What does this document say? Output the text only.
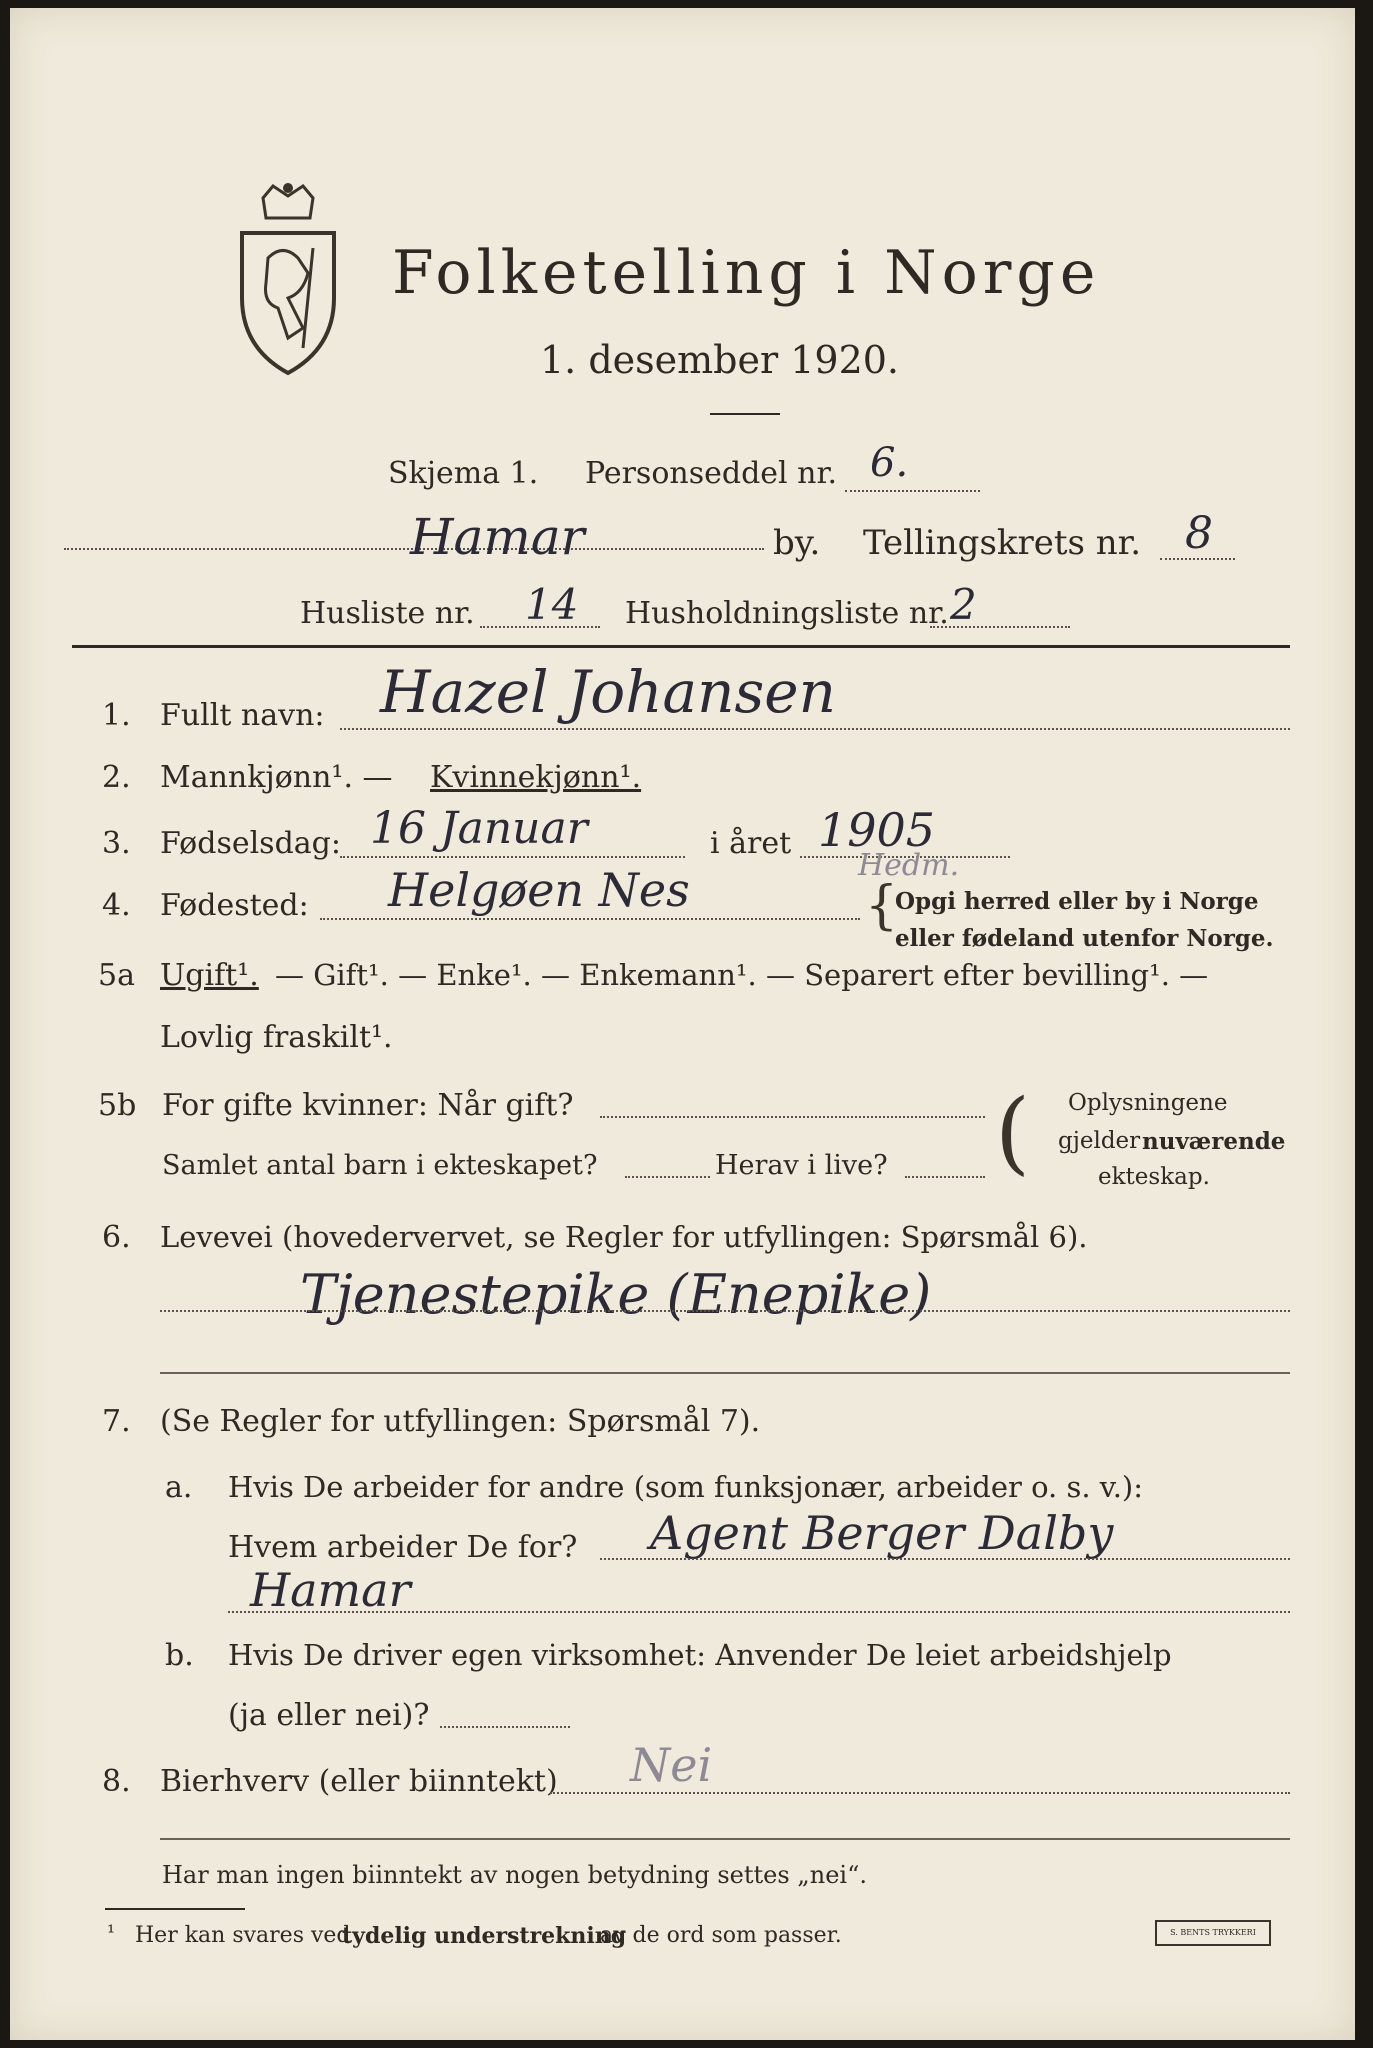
Folketelling i Norge
1. desember 1920.
Skjema 1. Personseddel nr. 6.
Hamar	by. Tellingskrets nr. 8
Husliste nr. 14 Husholdningsliste nr. 2
1. Fullt navn: Hazel Johansen
2. Mannkjønn¹. — Kvinnekjønn¹.
3. Fødselsdag: 16 Januar	i året 1905
4. Fødested: Helgøen Nes	Hedm.
{
Opgi herred eller by i Norge
eller fødeland utenfor Norge.
5a Ugift¹. — Gift¹. — Enke¹. — Enkemann¹. — Separert efter bevilling¹. —
Lovlig fraskilt¹.
5b For gifte kvinner: Når gift?
Samlet antal barn i ekteskapet?	Herav i live? ( Oplysningene
gjelder nuværende
ekteskap.
6. Levevei (hovedervervet, se Regler for utfyllingen: Spørsmål 6).
Tjenestepike (Enepike)
7. (Se Regler for utfyllingen: Spørsmål 7).
a. Hvis De arbeider for andre (som funksjonær, arbeider o. s. v.):
Hvem arbeider De for? Agent Berger Dalby
Hamar
b. Hvis De driver egen virksomhet: Anvender De leiet arbeidshjelp
(ja eller nei)?
8. Bierhverv (eller biinntekt) Nei
Har man ingen biinntekt av nogen betydning settes „nei“.
¹ Her kan svares ved
tydelig understrekning
av de ord som passer.	S. BENTS TRYKKERI
